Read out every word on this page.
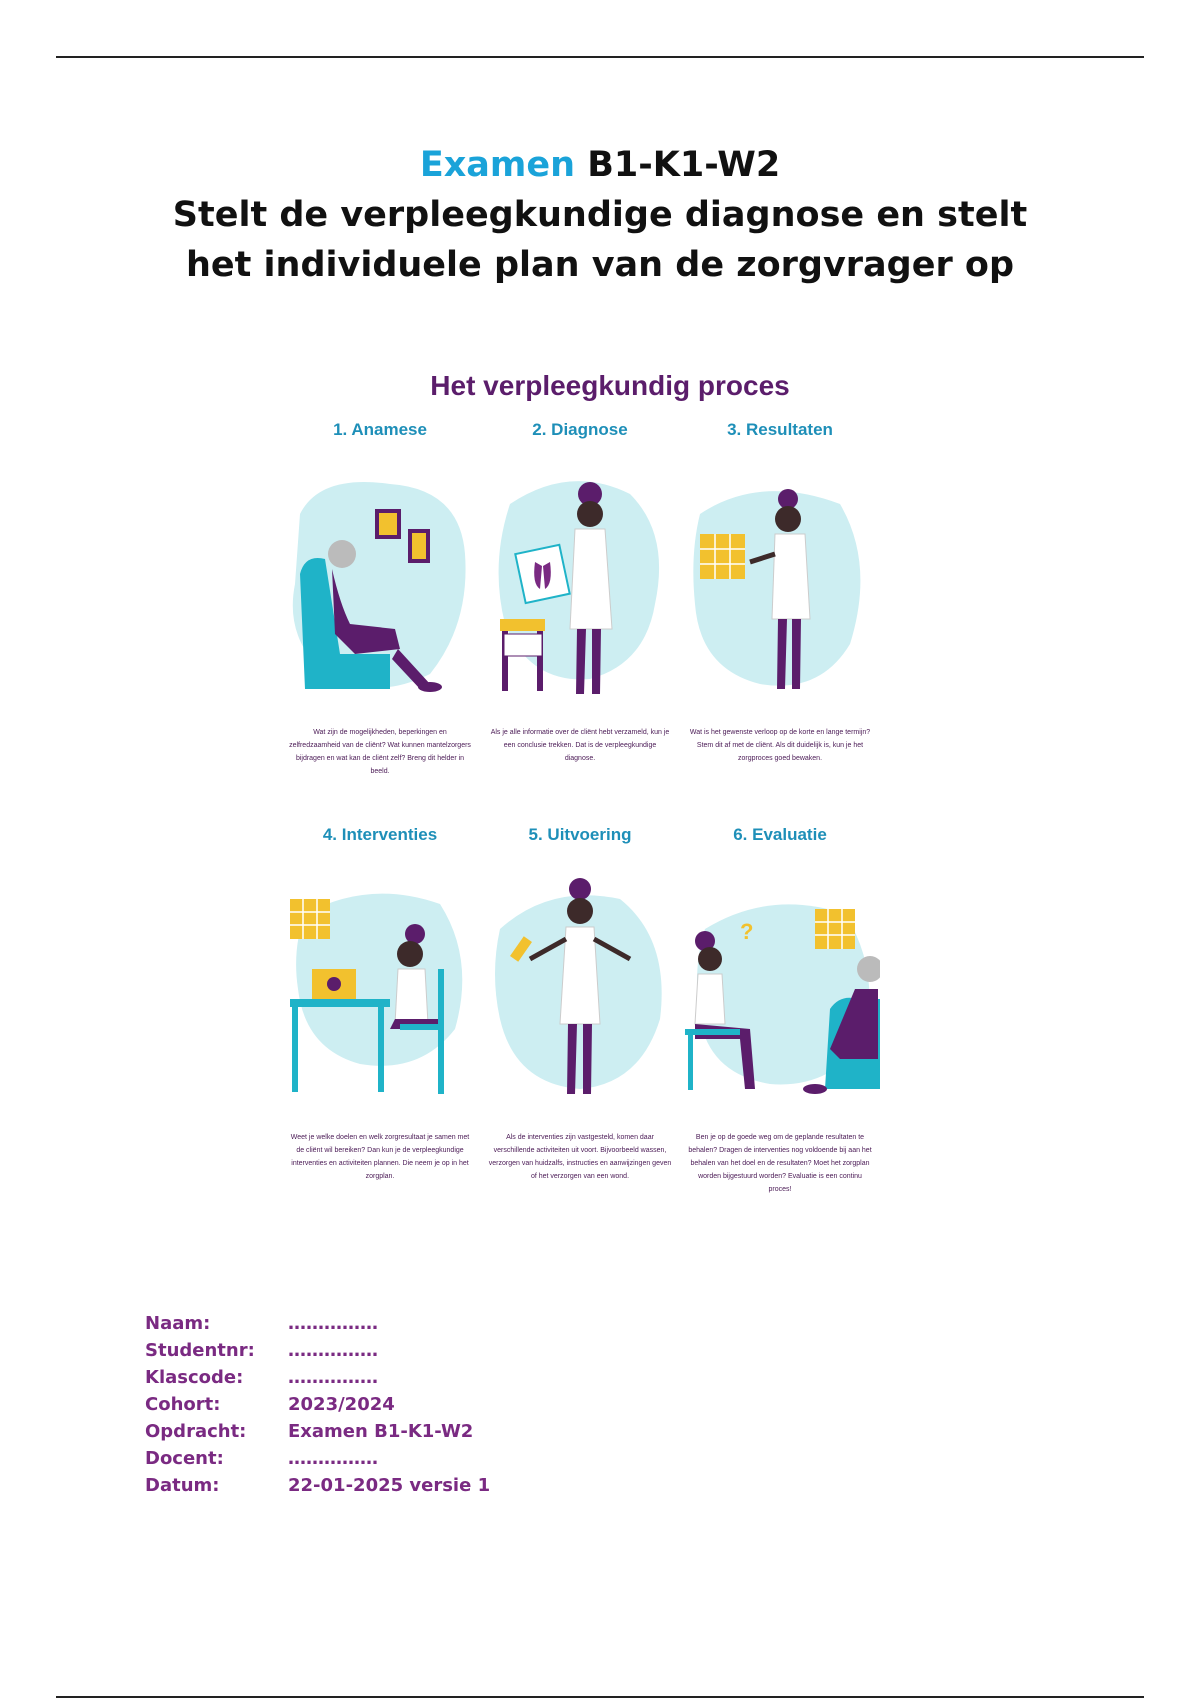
Examen B1-K1-W2
Stelt de verpleegkundige diagnose en stelt
het individuele plan van de zorgvrager op
Het verpleegkundig proces
1. Anamese
Wat zijn de mogelijkheden, beperkingen en zelfredzaamheid van de cliënt? Wat kunnen mantelzorgers bijdragen en wat kan de cliënt zelf? Breng dit helder in beeld.
2. Diagnose
Als je alle informatie over de cliënt hebt verzameld, kun je een conclusie trekken. Dat is de verpleegkundige diagnose.
3. Resultaten
Wat is het gewenste verloop op de korte en lange termijn? Stem dit af met de cliënt. Als dit duidelijk is, kun je het zorgproces goed bewaken.
4. Interventies
Weet je welke doelen en welk zorgresultaat je samen met de cliënt wil bereiken? Dan kun je de verpleegkundige interventies en activiteiten plannen. Die neem je op in het zorgplan.
5. Uitvoering
Als de interventies zijn vastgesteld, komen daar verschillende activiteiten uit voort. Bijvoorbeeld wassen, verzorgen van huidzalfs, instructies en aanwijzingen geven of het verzorgen van een wond.
6. Evaluatie
?
Ben je op de goede weg om de geplande resultaten te behalen? Dragen de interventies nog voldoende bij aan het behalen van het doel en de resultaten? Moet het zorgplan worden bijgestuurd worden? Evaluatie is een continu proces!
Naam:	……………
Studentnr:	……………
Klascode:	……………
Cohort:	2023/2024
Opdracht:	Examen B1-K1-W2
Docent:	……………
Datum:	22-01-2025 versie 1
